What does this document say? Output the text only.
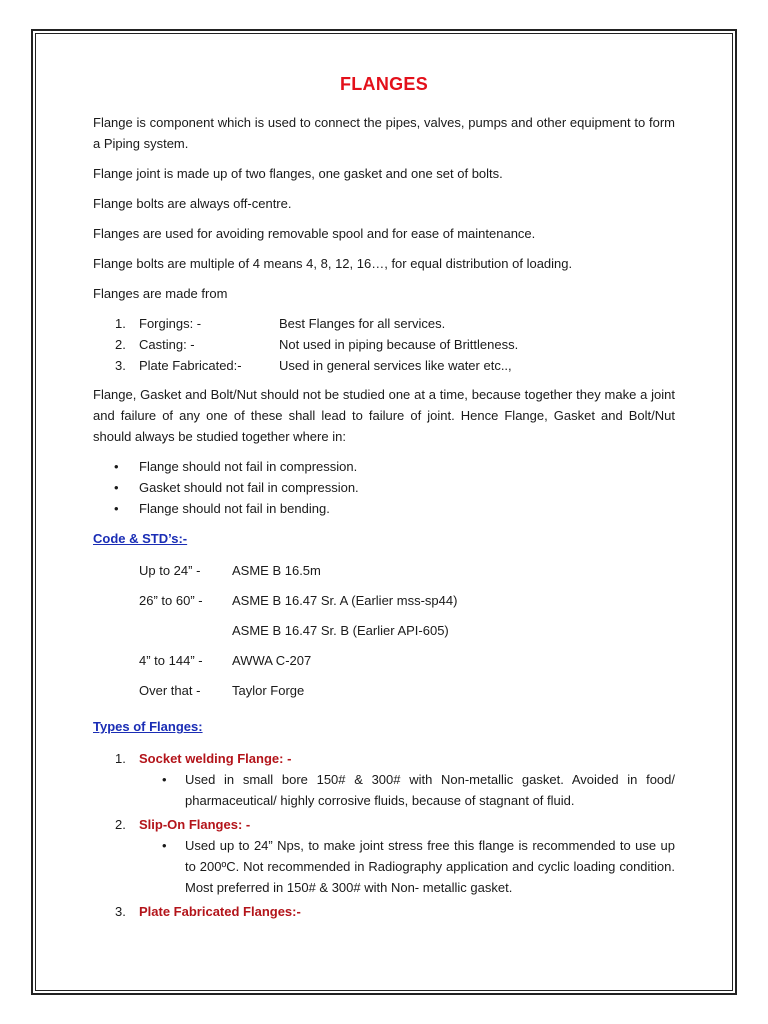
FLANGES

Flange is component which is used to connect the pipes, valves, pumps and other equipment to form a Piping system.

Flange joint is made up of two flanges, one gasket and one set of bolts.

Flange bolts are always off-centre.

Flanges are used for avoiding removable spool and for ease of maintenance.

Flange bolts are multiple of 4 means 4, 8, 12, 16…, for equal distribution of loading.

Flanges are made from

1. Forgings: -	Best Flanges for all services.
2. Casting: -	Not used in piping because of Brittleness.
3. Plate Fabricated:-	Used in general services like water etc..,

Flange, Gasket and Bolt/Nut should not be studied one at a time, because together they make a joint and failure of any one of these shall lead to failure of joint. Hence Flange, Gasket and Bolt/Nut should always be studied together where in:

• Flange should not fail in compression.
• Gasket should not fail in compression.
• Flange should not fail in bending.
Code & STD’s:-
Up to 24” - ASME B 16.5m
26” to 60” - ASME B 16.47 Sr. A (Earlier mss-sp44)
ASME B 16.47 Sr. B (Earlier API-605)
4” to 144” - AWWA C-207
Over that - Taylor Forge
Types of Flanges:
1. Socket welding Flange: -
• Used in small bore 150# & 300# with Non-metallic gasket. Avoided in food/ pharmaceutical/ highly corrosive fluids, because of stagnant of fluid.
2. Slip-On Flanges: -
• Used up to 24” Nps, to make joint stress free this flange is recommended to use up to 200ºC. Not recommended in Radiography application and cyclic loading condition. Most preferred in 150# & 300# with Non- metallic gasket.
3. Plate Fabricated Flanges:-
